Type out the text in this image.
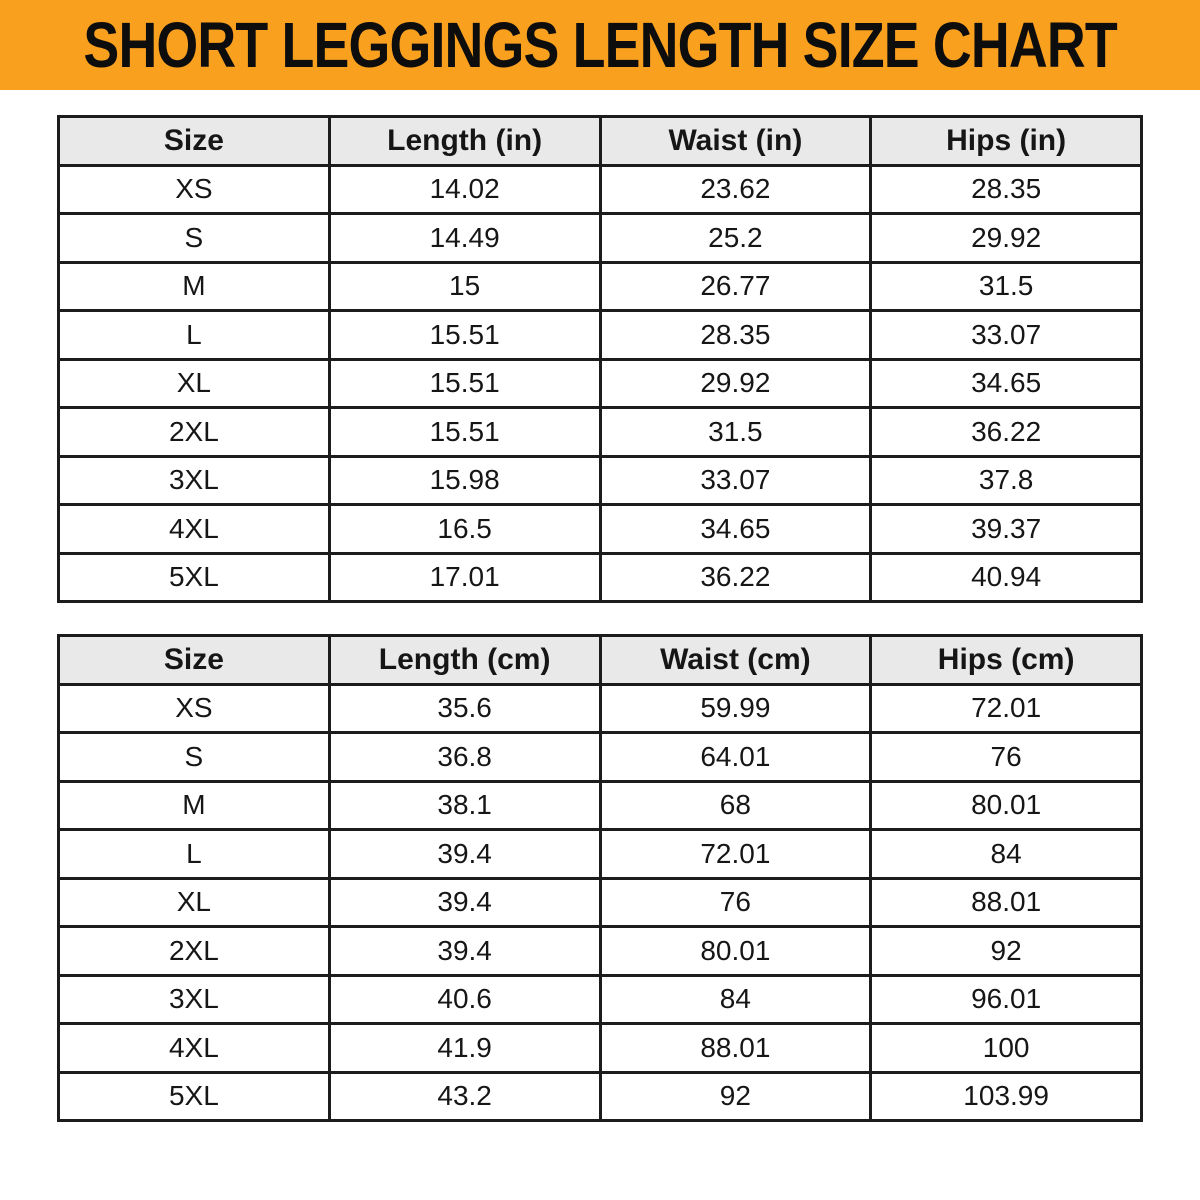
SHORT LEGGINGS LENGTH SIZE CHART
Size	Length (in)	Waist (in)	Hips (in)
XS	14.02	23.62	28.35
S	14.49	25.2	29.92
M	15	26.77	31.5
L	15.51	28.35	33.07
XL	15.51	29.92	34.65
2XL	15.51	31.5	36.22
3XL	15.98	33.07	37.8
4XL	16.5	34.65	39.37
5XL	17.01	36.22	40.94
Size	Length (cm)	Waist (cm)	Hips (cm)
XS	35.6	59.99	72.01
S	36.8	64.01	76
M	38.1	68	80.01
L	39.4	72.01	84
XL	39.4	76	88.01
2XL	39.4	80.01	92
3XL	40.6	84	96.01
4XL	41.9	88.01	100
5XL	43.2	92	103.99
